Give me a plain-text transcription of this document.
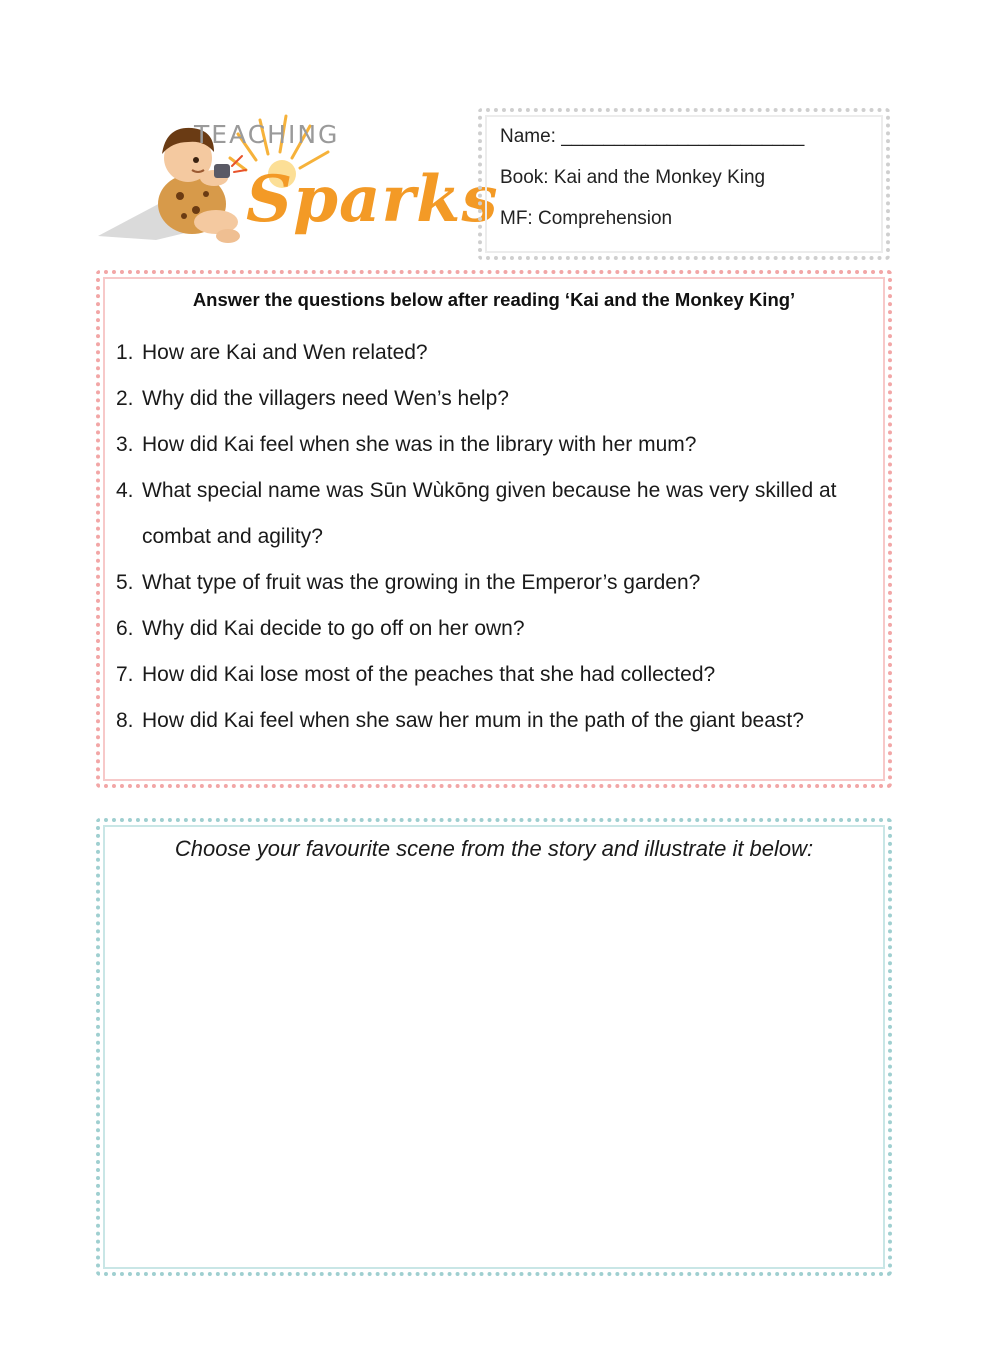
TEACHING
Sparks
Name: _______________________
Book: Kai and the Monkey King
MF: Comprehension
Answer the questions below after reading ‘Kai and the Monkey King’
1. How are Kai and Wen related?
2. Why did the villagers need Wen’s help?
3. How did Kai feel when she was in the library with her mum?
4. What special name was Sūn Wùkōng given because he was very skilled at combat and agility?
5. What type of fruit was the growing in the Emperor’s garden?
6. Why did Kai decide to go off on her own?
7. How did Kai lose most of the peaches that she had collected?
8. How did Kai feel when she saw her mum in the path of the giant beast?
Choose your favourite scene from the story and illustrate it below:
